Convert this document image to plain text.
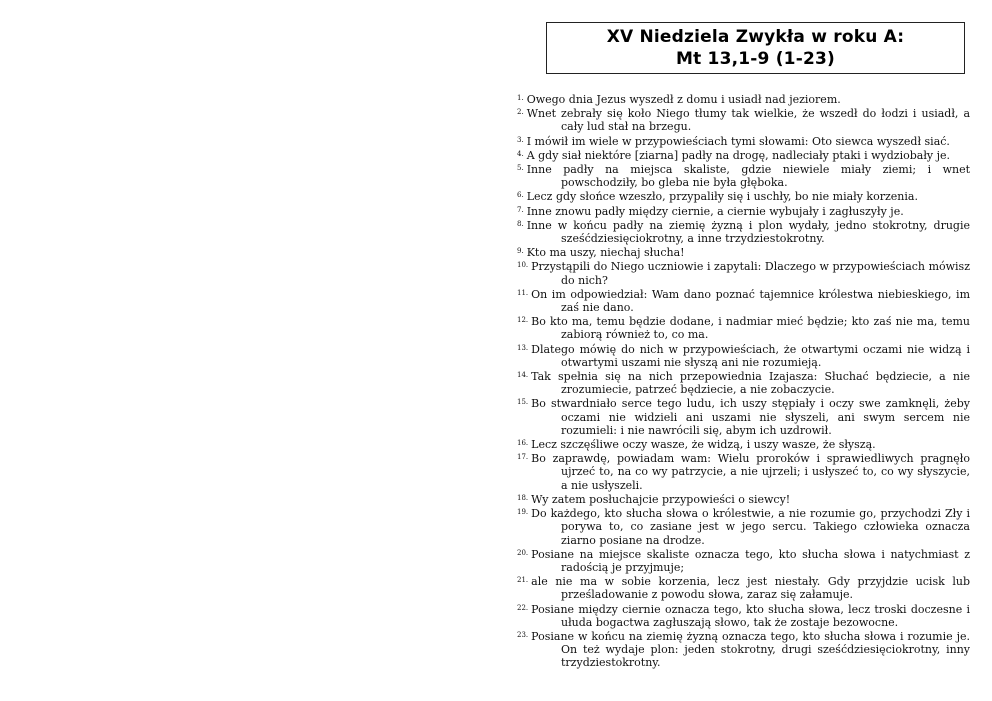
XV Niedziela Zwykła w roku A:
Mt 13,1-9 (1-23)

$^{1.}$ Owego dnia Jezus wyszedł z domu i usiadł nad jeziorem.

$^{2.}$ Wnet zebrały się koło Niego tłumy tak wielkie, że wszedł do łodzi i usiadł, a cały lud stał na brzegu.

$^{3.}$ I mówił im wiele w przypowieściach tymi słowami: Oto siewca wyszedł siać.

$^{4.}$ A gdy siał niektóre [ziarna] padły na drogę, nadleciały ptaki i wydziobały je.

$^{5.}$ Inne padły na miejsca skaliste, gdzie niewiele miały ziemi; i wnet powschodziły, bo gleba nie była głęboka.

$^{6.}$ Lecz gdy słońce wzeszło, przypaliły się i uschły, bo nie miały korzenia.

$^{7.}$ Inne znowu padły między ciernie, a ciernie wybujały i zagłuszyły je.

$^{8.}$ Inne w końcu padły na ziemię żyzną i plon wydały, jedno stokrotny, drugie sześćdziesięciokrotny, a inne trzydziestokrotny.

$^{9.}$ Kto ma uszy, niechaj słucha!

$^{10.}$ Przystąpili do Niego uczniowie i zapytali: Dlaczego w przypowieściach mówisz do nich?

$^{11.}$ On im odpowiedział: Wam dano poznać tajemnice królestwa niebieskiego, im zaś nie dano.

$^{12.}$ Bo kto ma, temu będzie dodane, i nadmiar mieć będzie; kto zaś nie ma, temu zabiorą również to, co ma.

$^{13.}$ Dlatego mówię do nich w przypowieściach, że otwartymi oczami nie widzą i otwartymi uszami nie słyszą ani nie rozumieją.

$^{14.}$ Tak spełnia się na nich przepowiednia Izajasza: Słuchać będziecie, a nie zrozumiecie, patrzeć będziecie, a nie zobaczycie.

$^{15.}$ Bo stwardniało serce tego ludu, ich uszy stępiały i oczy swe zamknęli, żeby oczami nie widzieli ani uszami nie słyszeli, ani swym sercem nie rozumieli: i nie nawrócili się, abym ich uzdrowił.

$^{16.}$ Lecz szczęśliwe oczy wasze, że widzą, i uszy wasze, że słyszą.

$^{17.}$ Bo zaprawdę, powiadam wam: Wielu proroków i sprawiedliwych pragnęło ujrzeć to, na co wy patrzycie, a nie ujrzeli; i usłyszeć to, co wy słyszycie, a nie usłyszeli.

$^{18.}$ Wy zatem posłuchajcie przypowieści o siewcy!

$^{19.}$ Do każdego, kto słucha słowa o królestwie, a nie rozumie go, przychodzi Zły i porywa to, co zasiane jest w jego sercu. Takiego człowieka oznacza ziarno posiane na drodze.

$^{20.}$ Posiane na miejsce skaliste oznacza tego, kto słucha słowa i natychmiast z radością je przyjmuje;

$^{21.}$ ale nie ma w sobie korzenia, lecz jest niestały. Gdy przyjdzie ucisk lub prześladowanie z powodu słowa, zaraz się załamuje.

$^{22.}$ Posiane między ciernie oznacza tego, kto słucha słowa, lecz troski doczesne i ułuda bogactwa zagłuszają słowo, tak że zostaje bezowocne.

$^{23.}$ Posiane w końcu na ziemię żyzną oznacza tego, kto słucha słowa i rozumie je. On też wydaje plon: jeden stokrotny, drugi sześćdziesięciokrotny, inny trzydziestokrotny.
